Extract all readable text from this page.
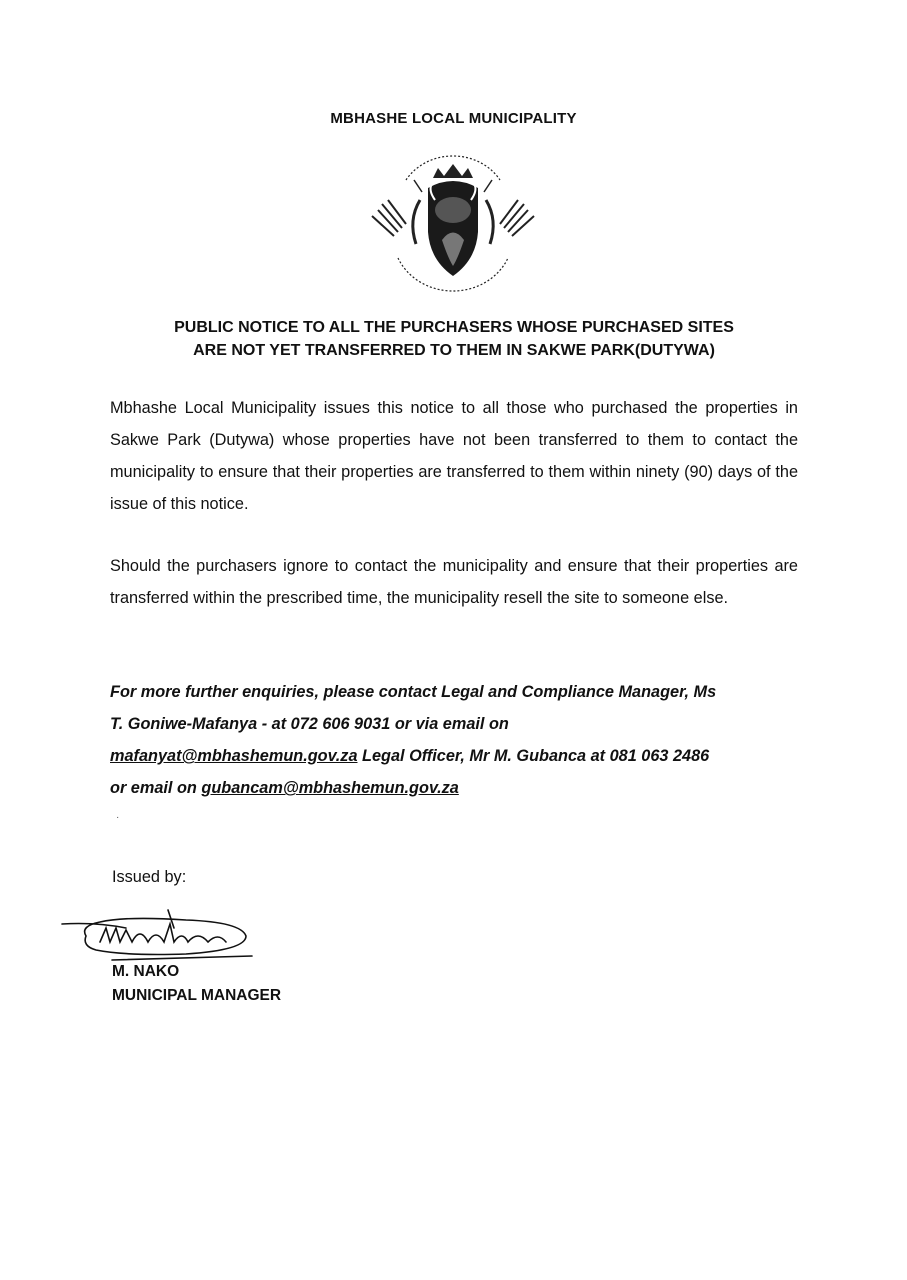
MBHASHE LOCAL MUNICIPALITY
PUBLIC NOTICE TO ALL THE PURCHASERS WHOSE PURCHASED SITES
ARE NOT YET TRANSFERRED TO THEM IN SAKWE PARK(DUTYWA)
Mbhashe Local Municipality issues this notice to all those who purchased the properties in Sakwe Park (Dutywa) whose properties have not been transferred to them to contact the municipality to ensure that their properties are transferred to them within ninety (90) days of the issue of this notice.
Should the purchasers ignore to contact the municipality and ensure that their properties are transferred within the prescribed time, the municipality resell the site to someone else.
For more further enquiries, please contact Legal and Compliance Manager, Ms
T. Goniwe-Mafanya - at 072 606 9031 or via email on
mafanyat@mbhashemun.gov.za Legal Officer, Mr M. Gubanca at 081 063 2486
or email on gubancam@mbhashemun.gov.za
·
Issued by:
M. NAKO
MUNICIPAL MANAGER
